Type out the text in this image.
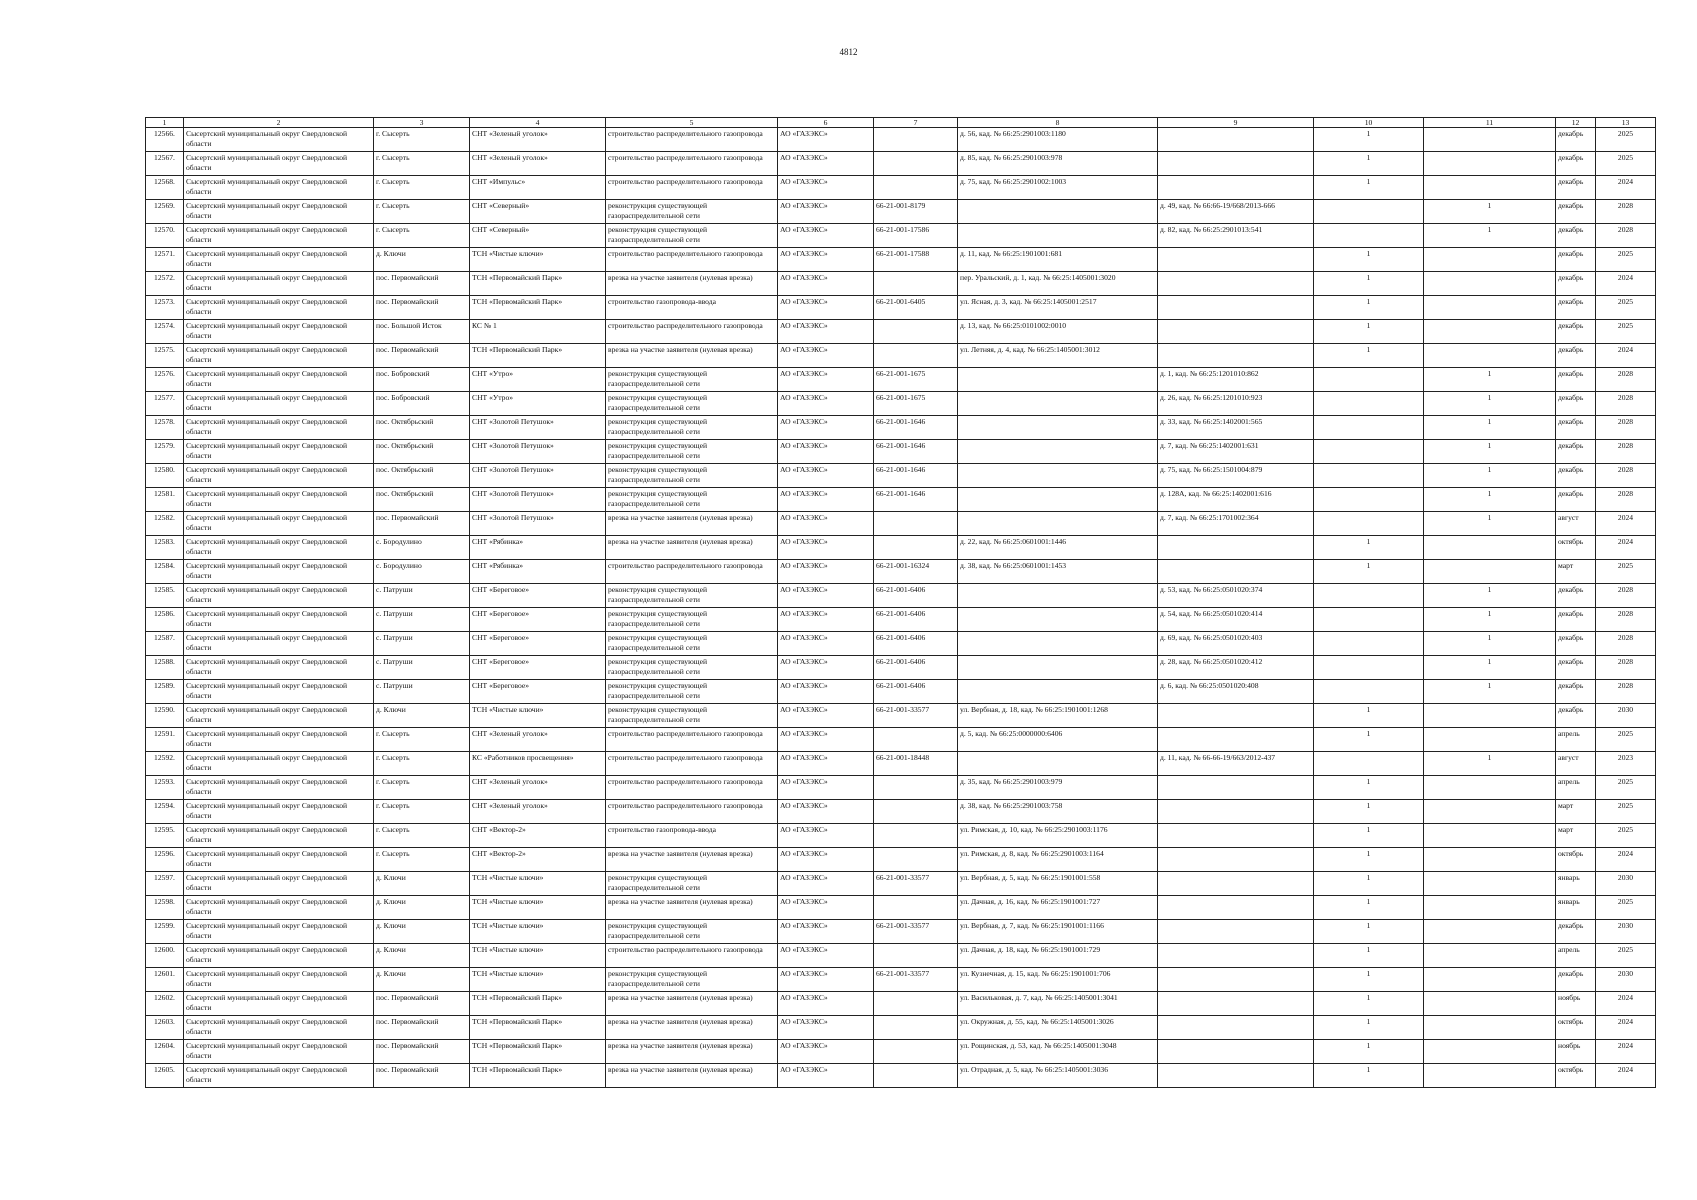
4812
1	2	3	4	5	6	7	8	9	10	11	12	13
12566.	Сысертский муниципальный округ Свердловской области	г. Сысерть	СНТ «Зеленый уголок»	строительство распределительного газопровода	АО «ГАЗЭКС»		д. 56, кад. № 66:25:2901003:1180		1		декабрь	2025
12567.	Сысертский муниципальный округ Свердловской области	г. Сысерть	СНТ «Зеленый уголок»	строительство распределительного газопровода	АО «ГАЗЭКС»		д. 85, кад. № 66:25:2901003:978		1		декабрь	2025
12568.	Сысертский муниципальный округ Свердловской области	г. Сысерть	СНТ «Импульс»	строительство распределительного газопровода	АО «ГАЗЭКС»		д. 75, кад. № 66:25:2901002:1003		1		декабрь	2024
12569.	Сысертский муниципальный округ Свердловской области	г. Сысерть	СНТ «Северный»	реконструкция существующей газораспределительной сети	АО «ГАЗЭКС»	66-21-001-8179		д. 49, кад. № 66:66-19/668/2013-666		1	декабрь	2028
12570.	Сысертский муниципальный округ Свердловской области	г. Сысерть	СНТ «Северный»	реконструкция существующей газораспределительной сети	АО «ГАЗЭКС»	66-21-001-17586		д. 82, кад. № 66:25:2901013:541		1	декабрь	2028
12571.	Сысертский муниципальный округ Свердловской области	д. Ключи	ТСН «Чистые ключи»	строительство распределительного газопровода	АО «ГАЗЭКС»	66-21-001-17588	д. 11, кад. № 66:25:1901001:681		1		декабрь	2025
12572.	Сысертский муниципальный округ Свердловской области	пос. Первомайский	ТСН «Первомайский Парк»	врезка на участке заявителя (нулевая врезка)	АО «ГАЗЭКС»		пер. Уральский, д. 1, кад. № 66:25:1405001:3020		1		декабрь	2024
12573.	Сысертский муниципальный округ Свердловской области	пос. Первомайский	ТСН «Первомайский Парк»	строительство газопровода-ввода	АО «ГАЗЭКС»	66-21-001-6405	ул. Ясная, д. 3, кад. № 66:25:1405001:2517		1		декабрь	2025
12574.	Сысертский муниципальный округ Свердловской области	пос. Большой Исток	КС № 1	строительство распределительного газопровода	АО «ГАЗЭКС»		д. 13, кад. № 66:25:0101002:0010		1		декабрь	2025
12575.	Сысертский муниципальный округ Свердловской области	пос. Первомайский	ТСН «Первомайский Парк»	врезка на участке заявителя (нулевая врезка)	АО «ГАЗЭКС»		ул. Летняя, д. 4, кад. № 66:25:1405001:3012		1		декабрь	2024
12576.	Сысертский муниципальный округ Свердловской области	пос. Бобровский	СНТ «Утро»	реконструкция существующей газораспределительной сети	АО «ГАЗЭКС»	66-21-001-1675		д. 1, кад. № 66:25:1201010:862		1	декабрь	2028
12577.	Сысертский муниципальный округ Свердловской области	пос. Бобровский	СНТ «Утро»	реконструкция существующей газораспределительной сети	АО «ГАЗЭКС»	66-21-001-1675		д. 26, кад. № 66:25:1201010:923		1	декабрь	2028
12578.	Сысертский муниципальный округ Свердловской области	пос. Октябрьский	СНТ «Золотой Петушок»	реконструкция существующей газораспределительной сети	АО «ГАЗЭКС»	66-21-001-1646		д. 33, кад. № 66:25:1402001:565		1	декабрь	2028
12579.	Сысертский муниципальный округ Свердловской области	пос. Октябрьский	СНТ «Золотой Петушок»	реконструкция существующей газораспределительной сети	АО «ГАЗЭКС»	66-21-001-1646		д. 7, кад. № 66:25:1402001:631		1	декабрь	2028
12580.	Сысертский муниципальный округ Свердловской области	пос. Октябрьский	СНТ «Золотой Петушок»	реконструкция существующей газораспределительной сети	АО «ГАЗЭКС»	66-21-001-1646		д. 75, кад. № 66:25:1501004:879		1	декабрь	2028
12581.	Сысертский муниципальный округ Свердловской области	пос. Октябрьский	СНТ «Золотой Петушок»	реконструкция существующей газораспределительной сети	АО «ГАЗЭКС»	66-21-001-1646		д. 128А, кад. № 66:25:1402001:616		1	декабрь	2028
12582.	Сысертский муниципальный округ Свердловской области	пос. Первомайский	СНТ «Золотой Петушок»	врезка на участке заявителя (нулевая врезка)	АО «ГАЗЭКС»			д. 7, кад. № 66:25:1701002:364		1	август	2024
12583.	Сысертский муниципальный округ Свердловской области	с. Бородулино	СНТ «Рябинка»	врезка на участке заявителя (нулевая врезка)	АО «ГАЗЭКС»		д. 22, кад. № 66:25:0601001:1446		1		октябрь	2024
12584.	Сысертский муниципальный округ Свердловской области	с. Бородулино	СНТ «Рябинка»	строительство распределительного газопровода	АО «ГАЗЭКС»	66-21-001-16324	д. 38, кад. № 66:25:0601001:1453		1		март	2025
12585.	Сысертский муниципальный округ Свердловской области	с. Патруши	СНТ «Береговое»	реконструкция существующей газораспределительной сети	АО «ГАЗЭКС»	66-21-001-6406		д. 53, кад. № 66:25:0501020:374		1	декабрь	2028
12586.	Сысертский муниципальный округ Свердловской области	с. Патруши	СНТ «Береговое»	реконструкция существующей газораспределительной сети	АО «ГАЗЭКС»	66-21-001-6406		д. 54, кад. № 66:25:0501020:414		1	декабрь	2028
12587.	Сысертский муниципальный округ Свердловской области	с. Патруши	СНТ «Береговое»	реконструкция существующей газораспределительной сети	АО «ГАЗЭКС»	66-21-001-6406		д. 69, кад. № 66:25:0501020:403		1	декабрь	2028
12588.	Сысертский муниципальный округ Свердловской области	с. Патруши	СНТ «Береговое»	реконструкция существующей газораспределительной сети	АО «ГАЗЭКС»	66-21-001-6406		д. 28, кад. № 66:25:0501020:412		1	декабрь	2028
12589.	Сысертский муниципальный округ Свердловской области	с. Патруши	СНТ «Береговое»	реконструкция существующей газораспределительной сети	АО «ГАЗЭКС»	66-21-001-6406		д. 6, кад. № 66:25:0501020:408		1	декабрь	2028
12590.	Сысертский муниципальный округ Свердловской области	д. Ключи	ТСН «Чистые ключи»	реконструкция существующей газораспределительной сети	АО «ГАЗЭКС»	66-21-001-33577	ул. Вербная, д. 18, кад. № 66:25:1901001:1268		1		декабрь	2030
12591.	Сысертский муниципальный округ Свердловской области	г. Сысерть	СНТ «Зеленый уголок»	строительство распределительного газопровода	АО «ГАЗЭКС»		д. 5, кад. № 66:25:0000000:6406		1		апрель	2025
12592.	Сысертский муниципальный округ Свердловской области	г. Сысерть	КС «Работников просвещения»	строительство распределительного газопровода	АО «ГАЗЭКС»	66-21-001-18448		д. 11, кад. № 66-66-19/663/2012-437		1	август	2023
12593.	Сысертский муниципальный округ Свердловской области	г. Сысерть	СНТ «Зеленый уголок»	строительство распределительного газопровода	АО «ГАЗЭКС»		д. 35, кад. № 66:25:2901003:979		1		апрель	2025
12594.	Сысертский муниципальный округ Свердловской области	г. Сысерть	СНТ «Зеленый уголок»	строительство распределительного газопровода	АО «ГАЗЭКС»		д. 38, кад. № 66:25:2901003:758		1		март	2025
12595.	Сысертский муниципальный округ Свердловской области	г. Сысерть	СНТ «Вектор-2»	строительство газопровода-ввода	АО «ГАЗЭКС»		ул. Римская, д. 10, кад. № 66:25:2901003:1176		1		март	2025
12596.	Сысертский муниципальный округ Свердловской области	г. Сысерть	СНТ «Вектор-2»	врезка на участке заявителя (нулевая врезка)	АО «ГАЗЭКС»		ул. Римская, д. 8, кад. № 66:25:2901003:1164		1		октябрь	2024
12597.	Сысертский муниципальный округ Свердловской области	д. Ключи	ТСН «Чистые ключи»	реконструкция существующей газораспределительной сети	АО «ГАЗЭКС»	66-21-001-33577	ул. Вербная, д. 5, кад. № 66:25:1901001:558		1		январь	2030
12598.	Сысертский муниципальный округ Свердловской области	д. Ключи	ТСН «Чистые ключи»	врезка на участке заявителя (нулевая врезка)	АО «ГАЗЭКС»		ул. Дачная, д. 16, кад. № 66:25:1901001:727		1		январь	2025
12599.	Сысертский муниципальный округ Свердловской области	д. Ключи	ТСН «Чистые ключи»	реконструкция существующей газораспределительной сети	АО «ГАЗЭКС»	66-21-001-33577	ул. Вербная, д. 7, кад. № 66:25:1901001:1166		1		декабрь	2030
12600.	Сысертский муниципальный округ Свердловской области	д. Ключи	ТСН «Чистые ключи»	строительство распределительного газопровода	АО «ГАЗЭКС»		ул. Дачная, д. 18, кад. № 66:25:1901001:729		1		апрель	2025
12601.	Сысертский муниципальный округ Свердловской области	д. Ключи	ТСН «Чистые ключи»	реконструкция существующей газораспределительной сети	АО «ГАЗЭКС»	66-21-001-33577	ул. Кузнечная, д. 15, кад. № 66:25:1901001:706		1		декабрь	2030
12602.	Сысертский муниципальный округ Свердловской области	пос. Первомайский	ТСН «Первомайский Парк»	врезка на участке заявителя (нулевая врезка)	АО «ГАЗЭКС»		ул. Васильковая, д. 7, кад. № 66:25:1405001:3041		1		ноябрь	2024
12603.	Сысертский муниципальный округ Свердловской области	пос. Первомайский	ТСН «Первомайский Парк»	врезка на участке заявителя (нулевая врезка)	АО «ГАЗЭКС»		ул. Окружная, д. 55, кад. № 66:25:1405001:3026		1		октябрь	2024
12604.	Сысертский муниципальный округ Свердловской области	пос. Первомайский	ТСН «Первомайский Парк»	врезка на участке заявителя (нулевая врезка)	АО «ГАЗЭКС»		ул. Рощинская, д. 53, кад. № 66:25:1405001:3048		1		ноябрь	2024
12605.	Сысертский муниципальный округ Свердловской области	пос. Первомайский	ТСН «Первомайский Парк»	врезка на участке заявителя (нулевая врезка)	АО «ГАЗЭКС»		ул. Отрадная, д. 5, кад. № 66:25:1405001:3036		1		октябрь	2024
